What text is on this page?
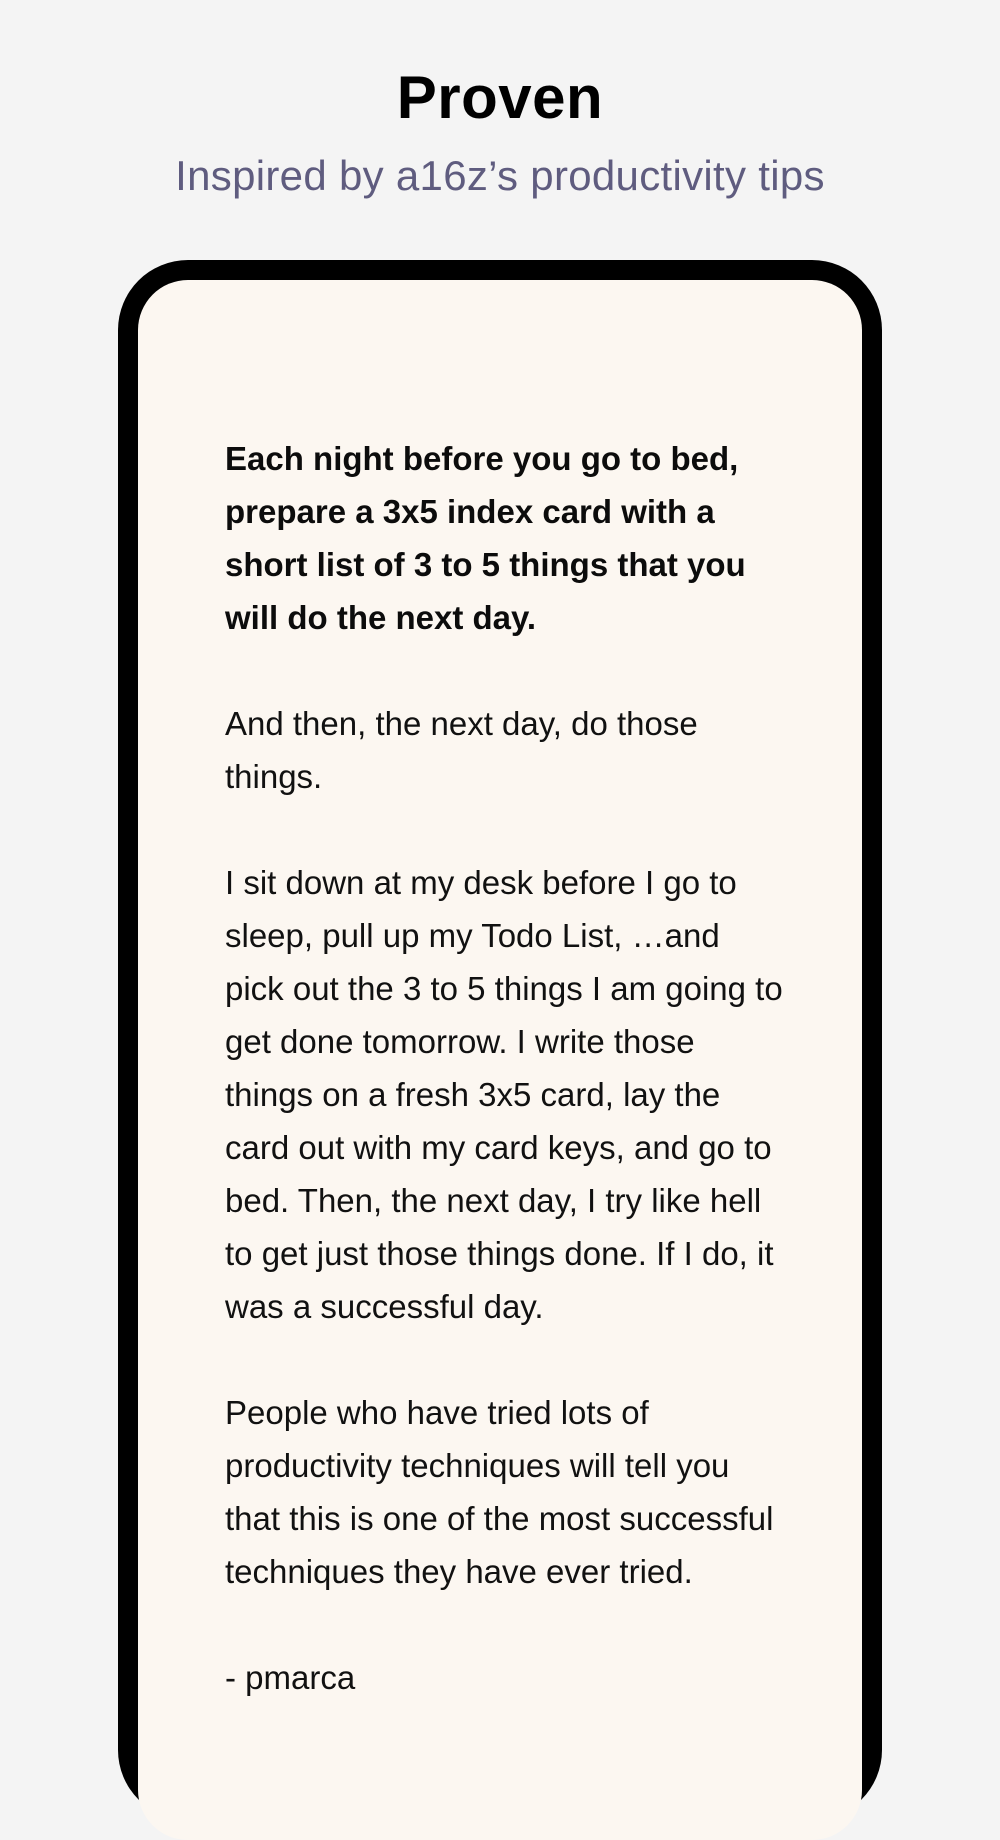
Proven

Inspired by a16z’s productivity tips

Each night before you go to bed, prepare a 3x5 index card with a short list of 3 to 5 things that you will do the next day.

And then, the next day, do those things.

I sit down at my desk before I go to sleep, pull up my Todo List, …and pick out the 3 to 5 things I am going to get done tomorrow. I write those things on a fresh 3x5 card, lay the card out with my card keys, and go to bed. Then, the next day, I try like hell to get just those things done. If I do, it was a successful day.

People who have tried lots of productivity techniques will tell you that this is one of the most successful techniques they have ever tried.

- pmarca
